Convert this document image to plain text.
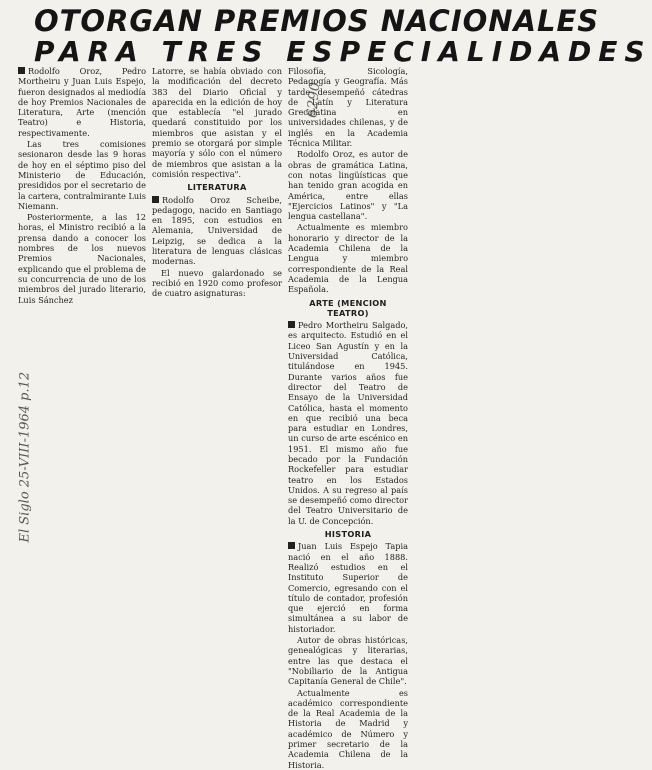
OTORGAN PREMIOS NACIONALES
PARA TRES ESPECIALIDADES
El Siglo 25-VIII-1964 p.12
6290

Rodolfo Oroz, Pedro Mortheiru y Juan Luis Espejo, fueron designados al mediodía de hoy Premios Nacionales de Literatura, Arte (mención Teatro) e Historia, respectivamente.

Las tres comisiones sesionaron desde las 9 horas de hoy en el séptimo piso del Ministerio de Educación, presididos por el secretario de la cartera, contralmirante Luis Niemann.

Posteriormente, a las 12 horas, el Ministro recibió a la prensa dando a conocer los nombres de los nuevos Premios Nacionales, explicando que el problema de su concurrencia de uno de los miembros del jurado literario, Luis Sánchez

Latorre, se había obviado con la modificación del decreto 383 del Diario Oficial y aparecida en la edición de hoy que establecía "el jurado quedará constituido por los miembros que asistan y el premio se otorgará por simple mayoría y sólo con el número de miembros que asistan a la comisión respectiva".

LITERATURA

Rodolfo Oroz Scheibe, pedagogo, nacido en Santiago en 1895, con estudios en Alemania, Universidad de Leipzig, se dedica a la literatura de lenguas clásicas modernas.

El nuevo galardonado se recibió en 1920 como profesor de cuatro asignaturas:

Filosofía, Sicología, Pedagogía y Geografía. Más tarde desempeñó cátedras de Latín y Literatura Grecolatina en universidades chilenas, y de inglés en la Academia Técnica Militar.

Rodolfo Oroz, es autor de obras de gramática Latina, con notas lingüísticas que han tenido gran acogida en América, entre ellas "Ejercicios Latinos" y "La lengua castellana".

Actualmente es miembro honorario y director de la Academia Chilena de la Lengua y miembro correspondiente de la Real Academia de la Lengua Española.

ARTE (MENCION TEATRO)

Pedro Mortheiru Salgado, es arquitecto. Estudió en el Liceo San Agustín y en la Universidad Católica, titulándose en 1945. Durante varios años fue director del Teatro de Ensayo de la Universidad Católica, hasta el momento en que recibió una beca para estudiar en Londres, un curso de arte escénico en 1951. El mismo año fue becado por la Fundación Rockefeller para estudiar teatro en los Estados Unidos. A su regreso al país se desempeñó como director del Teatro Universitario de la U. de Concepción.

HISTORIA

Juan Luis Espejo Tapia nació en el año 1888. Realizó estudios en el Instituto Superior de Comercio, egresando con el título de contador, profesión que ejerció en forma simultánea a su labor de historiador.

Autor de obras históricas, genealógicas y literarias, entre las que destaca el "Nobiliario de la Antigua Capitanía General de Chile".

Actualmente es académico correspondiente de la Real Academia de la Historia de Madrid y académico de Número y primer secretario de la Academia Chilena de la Historia.
